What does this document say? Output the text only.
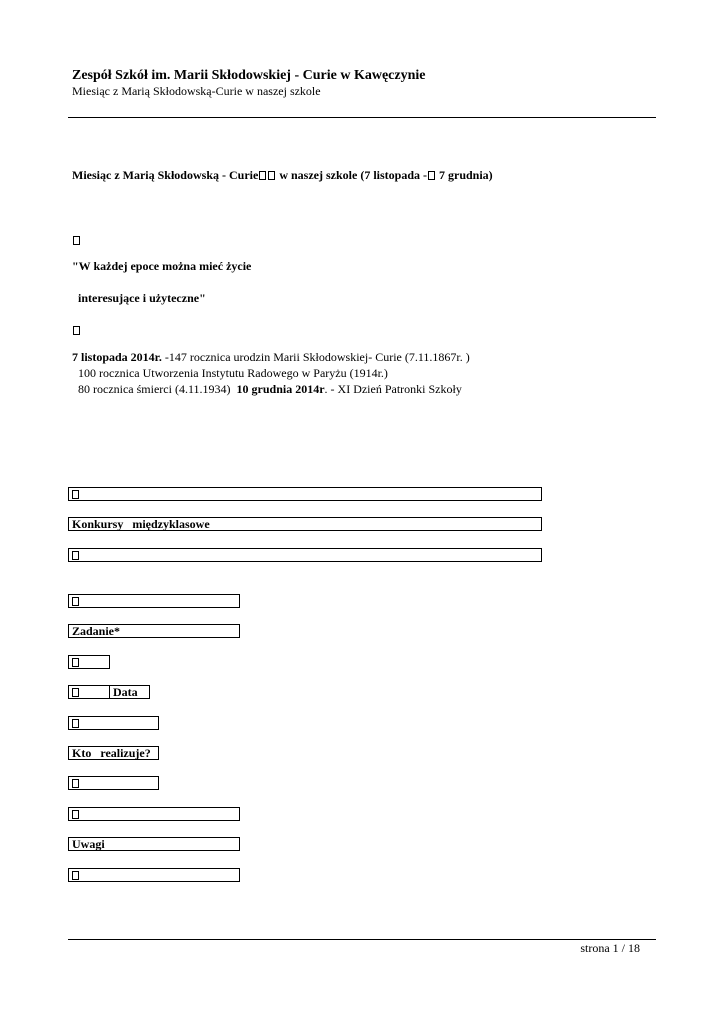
Zespół Szkół im. Marii Skłodowskiej - Curie w Kawęczynie
Miesiąc z Marią Skłodowską-Curie w naszej szkole
Miesiąc z Marią Skłodowską - Curie w naszej szkole (7 listopada - 7 grudnia)
"W każdej epoce można mieć życie
interesujące i użyteczne"
7 listopada 2014r. -147 rocznica urodzin Marii Skłodowskiej- Curie (7.11.1867r. )
100 rocznica Utworzenia Instytutu Radowego w Paryżu (1914r.)
80 rocznica śmierci (4.11.1934)  10 grudnia 2014r. - XI Dzień Patronki Szkoły
Konkursy   międzyklasowe
Zadanie*
Data
Kto   realizuje?
Uwagi
strona 1 / 18
